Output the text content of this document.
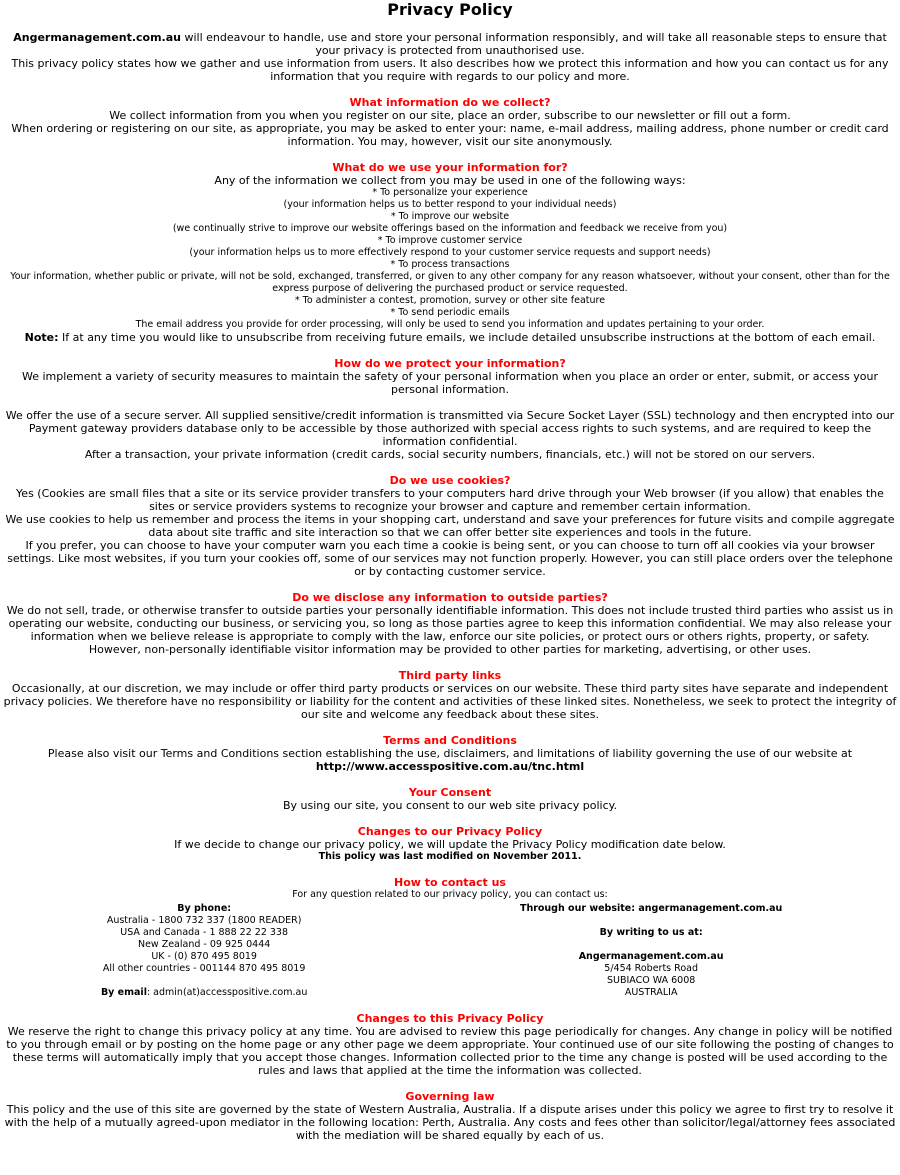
Privacy Policy

Angermanagement.com.au will endeavour to handle, use and store your personal information responsibly, and will take all reasonable steps to ensure that your privacy is protected from unauthorised use.

This privacy policy states how we gather and use information from users. It also describes how we protect this information and how you can contact us for any information that you require with regards to our policy and more.

What information do we collect?

We collect information from you when you register on our site, place an order, subscribe to our newsletter or fill out a form.

When ordering or registering on our site, as appropriate, you may be asked to enter your: name, e-mail address, mailing address, phone number or credit card information. You may, however, visit our site anonymously.

What do we use your information for?

Any of the information we collect from you may be used in one of the following ways:

* To personalize your experience

(your information helps us to better respond to your individual needs)

* To improve our website

(we continually strive to improve our website offerings based on the information and feedback we receive from you)

* To improve customer service

(your information helps us to more effectively respond to your customer service requests and support needs)

* To process transactions

Your information, whether public or private, will not be sold, exchanged, transferred, or given to any other company for any reason whatsoever, without your consent, other than for the express purpose of delivering the purchased product or service requested.

* To administer a contest, promotion, survey or other site feature

* To send periodic emails

The email address you provide for order processing, will only be used to send you information and updates pertaining to your order.

Note: If at any time you would like to unsubscribe from receiving future emails, we include detailed unsubscribe instructions at the bottom of each email.

How do we protect your information?

We implement a variety of security measures to maintain the safety of your personal information when you place an order or enter, submit, or access your personal information.

We offer the use of a secure server. All supplied sensitive/credit information is transmitted via Secure Socket Layer (SSL) technology and then encrypted into our Payment gateway providers database only to be accessible by those authorized with special access rights to such systems, and are required to keep the information confidential.

After a transaction, your private information (credit cards, social security numbers, financials, etc.) will not be stored on our servers.

Do we use cookies?

Yes (Cookies are small files that a site or its service provider transfers to your computers hard drive through your Web browser (if you allow) that enables the sites or service providers systems to recognize your browser and capture and remember certain information.

We use cookies to help us remember and process the items in your shopping cart, understand and save your preferences for future visits and compile aggregate data about site traffic and site interaction so that we can offer better site experiences and tools in the future.

If you prefer, you can choose to have your computer warn you each time a cookie is being sent, or you can choose to turn off all cookies via your browser settings. Like most websites, if you turn your cookies off, some of our services may not function properly. However, you can still place orders over the telephone or by contacting customer service.

Do we disclose any information to outside parties?

We do not sell, trade, or otherwise transfer to outside parties your personally identifiable information. This does not include trusted third parties who assist us in operating our website, conducting our business, or servicing you, so long as those parties agree to keep this information confidential. We may also release your information when we believe release is appropriate to comply with the law, enforce our site policies, or protect ours or others rights, property, or safety. However, non-personally identifiable visitor information may be provided to other parties for marketing, advertising, or other uses.

Third party links

Occasionally, at our discretion, we may include or offer third party products or services on our website. These third party sites have separate and independent privacy policies. We therefore have no responsibility or liability for the content and activities of these linked sites. Nonetheless, we seek to protect the integrity of our site and welcome any feedback about these sites.

Terms and Conditions

Please also visit our Terms and Conditions section establishing the use, disclaimers, and limitations of liability governing the use of our website at

http://www.accesspositive.com.au/tnc.html

Your Consent

By using our site, you consent to our web site privacy policy.

Changes to our Privacy Policy

If we decide to change our privacy policy, we will update the Privacy Policy modification date below.

This policy was last modified on November 2011.

How to contact us

For any question related to our privacy policy, you can contact us:

By phone:

Australia - 1800 732 337 (1800 READER)

USA and Canada - 1 888 22 22 338

New Zealand - 09 925 0444

UK - (0) 870 495 8019

All other countries - 001144 870 495 8019

By email: admin(at)accesspositive.com.au

Through our website: angermanagement.com.au

By writing to us at:

Angermanagement.com.au

5/454 Roberts Road

SUBIACO WA 6008

AUSTRALIA

Changes to this Privacy Policy

We reserve the right to change this privacy policy at any time. You are advised to review this page periodically for changes. Any change in policy will be notified to you through email or by posting on the home page or any other page we deem appropriate. Your continued use of our site following the posting of changes to these terms will automatically imply that you accept those changes. Information collected prior to the time any change is posted will be used according to the rules and laws that applied at the time the information was collected.

Governing law

This policy and the use of this site are governed by the state of Western Australia, Australia. If a dispute arises under this policy we agree to first try to resolve it with the help of a mutually agreed-upon mediator in the following location: Perth, Australia. Any costs and fees other than solicitor/legal/attorney fees associated with the mediation will be shared equally by each of us.
